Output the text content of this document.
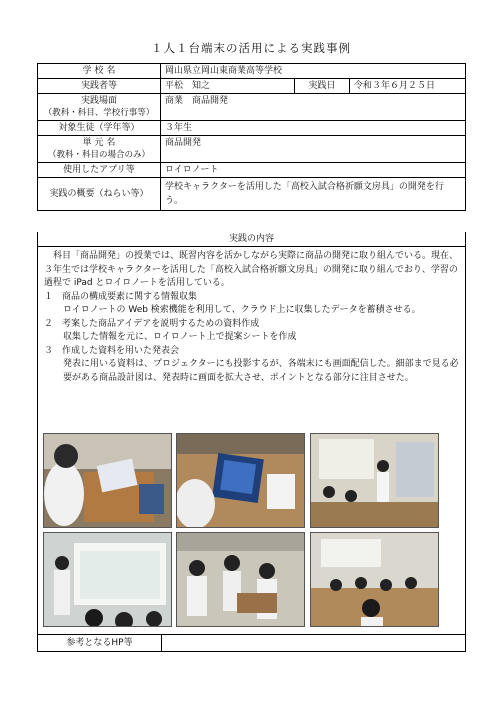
１人１台端末の活用による実践事例
学 校 名	岡山県立岡山東商業高等学校		
実践者等	平松　知之	実践日	令和３年６月２５日

実践場面
（教科・科目、学校行事等）	商業　商品開発		
対象生徒（学年等）	３年生		

単 元 名
（教科・科目の場合のみ）	商品開発		
使用したアプリ等	ロイロノート		
実践の概要（ねらい等）	学校キャラクターを活用した「高校入試合格祈願文房具」の開発を行う。		
実践の内容

科目「商品開発」の授業では、既習内容を活かしながら実際に商品の開発に取り組んでいる。現在、３年生では学校キャラクターを活用した「高校入試合格祈願文房具」の開発に取り組んでおり、学習の過程で iPad とロイロノートを活用している。

１　商品の構成要素に関する情報収集

ロイロノートの Web 検索機能を利用して、クラウド上に収集したデータを蓄積させる。

２　考案した商品アイデアを説明するための資料作成

収集した情報を元に、ロイロノート上で提案シートを作成

３　作成した資料を用いた発表会

発表に用いる資料は、プロジェクターにも投影するが、各端末にも画面配信した。細部まで見る必要がある商品設計図は、発表時に画面を拡大させ、ポイントとなる部分に注目させた。

参考となるHP等
